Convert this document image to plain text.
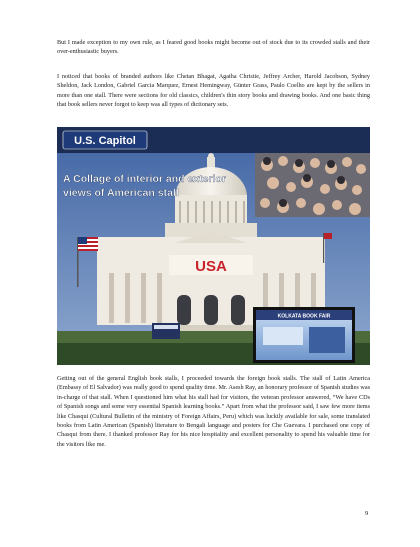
But I made exception to my own rule, as I feared good books might become out of stock due to its crowded stalls and their over-enthusiastic buyers.

I noticed that books of branded authors like Chetan Bhagat, Agatha Christie, Jeffrey Archer, Harold Jacobson, Sydney Sheldon, Jack London, Gabriel Garcia Marquez, Ernest Hemingway, Günter Grass, Paulo Coelho are kept by the sellers in more than one stall. There were sections for old classics, children's thin story books and drawing books. And one basic thing that book sellers never forgot to keep was all types of dictionary sets.

USA
KOLKATA BOOK FAIR
U.S. Capitol
A Collage of interior and exterior
views of American stall

Getting out of the general English book stalls, I proceeded towards the foreign book stalls. The stall of Latin America (Embassy of El Salvador) was really good to spend quality time. Mr. Asesh Ray, an honorary professor of Spanish studies was in-charge of that stall. When I questioned him what his stall had for visitors, the veteran professor answered, “We have CDs of Spanish songs and some very essential Spanish learning books.” Apart from what the professor said, I saw few more items like Chasqui (Cultural Bulletin of the ministry of Foreign Affairs, Peru) which was luckily available for sale, some translated books from Latin American (Spanish) literature to Bengali language and posters for Che Guevara. I purchased one copy of Chasqui from there. I thanked professor Ray for his nice hospitality and excellent personality to spend his valuable time for the visitors like me.

9
